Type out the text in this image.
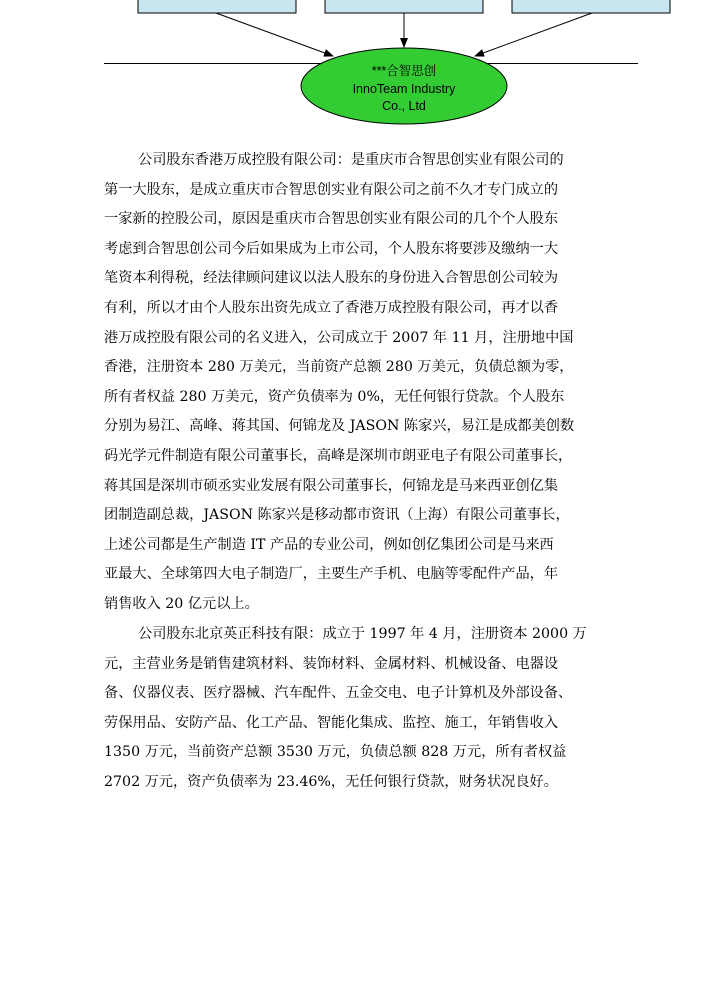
***合智思创
InnoTeam Industry
Co., Ltd
公司股东香港万成控股有限公司：是重庆市合智思创实业有限公司的
第一大股东，是成立重庆市合智思创实业有限公司之前不久才专门成立的
一家新的控股公司，原因是重庆市合智思创实业有限公司的几个个人股东
考虑到合智思创公司今后如果成为上市公司，个人股东将要涉及缴纳一大
笔资本利得税，经法律顾问建议以法人股东的身份进入合智思创公司较为
有利，所以才由个人股东出资先成立了香港万成控股有限公司，再才以香
港万成控股有限公司的名义进入，公司成立于 2007 年 11 月，注册地中国
香港，注册资本 280 万美元，当前资产总额 280 万美元，负债总额为零，
所有者权益 280 万美元，资产负债率为 0%，无任何银行贷款。个人股东
分别为易江、高峰、蒋其国、何锦龙及 JASON 陈家兴，易江是成都美创数
码光学元件制造有限公司董事长，高峰是深圳市朗亚电子有限公司董事长，
蒋其国是深圳市硕丞实业发展有限公司董事长，何锦龙是马来西亚创亿集
团制造副总裁，JASON 陈家兴是移动都市资讯（上海）有限公司董事长，
上述公司都是生产制造 IT 产品的专业公司，例如创亿集团公司是马来西
亚最大、全球第四大电子制造厂，主要生产手机、电脑等零配件产品，年
销售收入 20 亿元以上。
公司股东北京英正科技有限：成立于 1997 年 4 月，注册资本 2000 万
元，主营业务是销售建筑材料、装饰材料、金属材料、机械设备、电器设
备、仪器仪表、医疗器械、汽车配件、五金交电、电子计算机及外部设备、
劳保用品、安防产品、化工产品、智能化集成、监控、施工，年销售收入
1350 万元，当前资产总额 3530 万元，负债总额 828 万元，所有者权益
2702 万元，资产负债率为 23.46%，无任何银行贷款，财务状况良好。
